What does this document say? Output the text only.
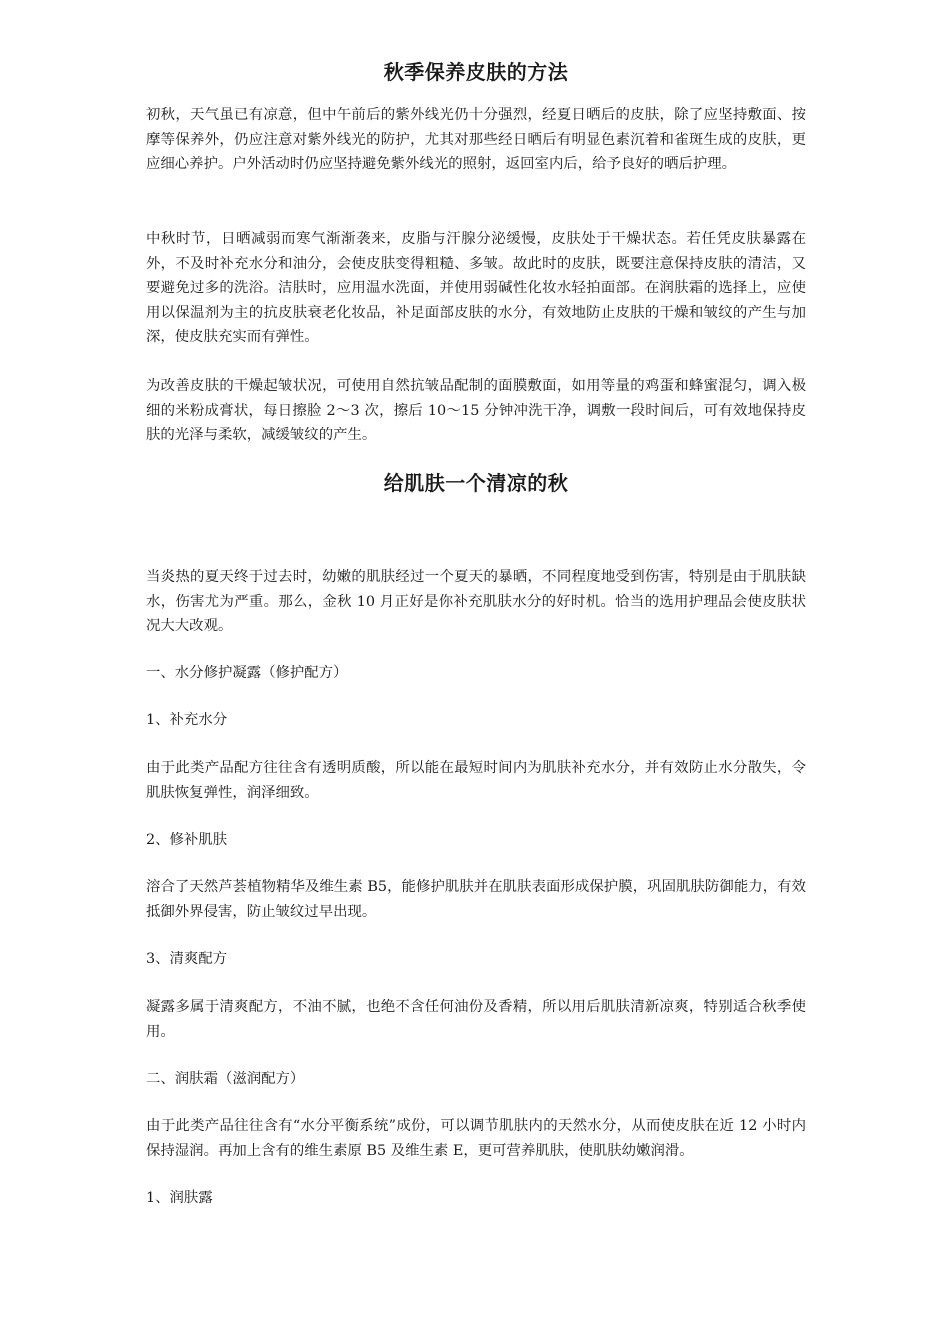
秋季保养皮肤的方法

初秋，天气虽已有凉意，但中午前后的紫外线光仍十分强烈，经夏日晒后的皮肤，除了应坚持敷面、按摩等保养外，仍应注意对紫外线光的防护，尤其对那些经日晒后有明显色素沉着和雀斑生成的皮肤，更应细心养护。户外活动时仍应坚持避免紫外线光的照射，返回室内后，给予良好的晒后护理。

中秋时节，日晒减弱而寒气渐渐袭来，皮脂与汗腺分泌缓慢，皮肤处于干燥状态。若任凭皮肤暴露在外，不及时补充水分和油分，会使皮肤变得粗糙、多皱。故此时的皮肤，既要注意保持皮肤的清洁，又要避免过多的洗浴。洁肤时，应用温水洗面，并使用弱碱性化妆水轻拍面部。在润肤霜的选择上，应使用以保温剂为主的抗皮肤衰老化妆品，补足面部皮肤的水分，有效地防止皮肤的干燥和皱纹的产生与加深，使皮肤充实而有弹性。

为改善皮肤的干燥起皱状况，可使用自然抗皱品配制的面膜敷面，如用等量的鸡蛋和蜂蜜混匀，调入极细的米粉成膏状，每日擦脸 2～3 次，擦后 10～15 分钟冲洗干净，调敷一段时间后，可有效地保持皮肤的光泽与柔软，减缓皱纹的产生。

给肌肤一个清凉的秋

当炎热的夏天终于过去时，幼嫩的肌肤经过一个夏天的暴晒，不同程度地受到伤害，特别是由于肌肤缺水，伤害尤为严重。那么，金秋 10 月正好是你补充肌肤水分的好时机。恰当的选用护理品会使皮肤状况大大改观。

一、水分修护凝露（修护配方）

1、补充水分

由于此类产品配方往往含有透明质酸，所以能在最短时间内为肌肤补充水分，并有效防止水分散失，令肌肤恢复弹性，润泽细致。

2、修补肌肤

溶合了天然芦荟植物精华及维生素 B5，能修护肌肤并在肌肤表面形成保护膜，巩固肌肤防御能力，有效抵御外界侵害，防止皱纹过早出现。

3、清爽配方

凝露多属于清爽配方，不油不腻，也绝不含任何油份及香精，所以用后肌肤清新凉爽，特别适合秋季使用。

二、润肤霜（滋润配方）

由于此类产品往往含有“水分平衡系统”成份，可以调节肌肤内的天然水分，从而使皮肤在近 12 小时内保持湿润。再加上含有的维生素原 B5 及维生素 E，更可营养肌肤，使肌肤幼嫩润滑。

1、润肤露
